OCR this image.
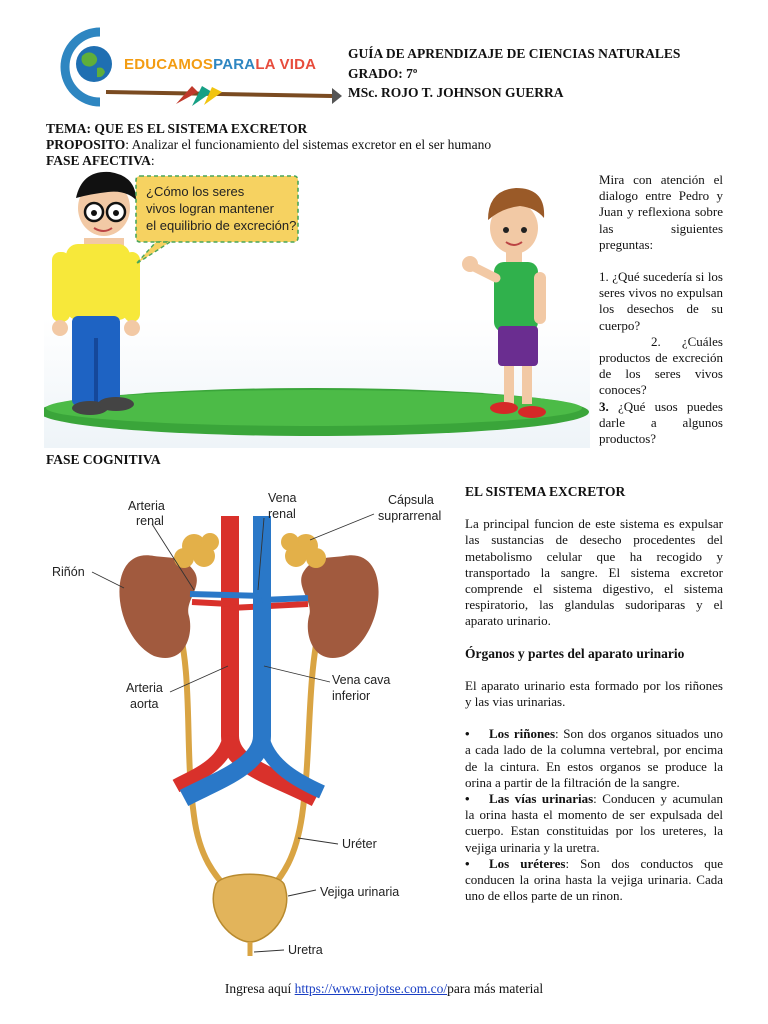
EDUCAMOSPARALA VIDA
GUÍA DE APRENDIZAJE DE CIENCIAS NATURALES
GRADO: 7º
MSc. ROJO T. JOHNSON GUERRA
TEMA: QUE ES EL SISTEMA EXCRETOR
PROPOSITO: Analizar el funcionamiento del sistemas excretor en el ser humano
FASE AFECTIVA:
¿Cómo los seres
vivos logran mantener
el equilibrio de excreción?

Mira con atención el dialogo entre Pedro y Juan y reflexiona sobre las siguientes preguntas:

1. ¿Qué sucedería si los seres vivos no expulsan los desechos de su cuerpo?

2. ¿Cuáles productos de excreción de los seres vivos conoces?

3. ¿Qué usos puedes darle a algunos productos?

FASE COGNITIVA
Arteria
renal
Vena
renal
Cápsula
suprarrenal
Riñón
Arteria
aorta
Vena cava
inferior
Uréter
Vejiga urinaria
Uretra
EL SISTEMA EXCRETOR

La principal funcion de este sistema es expulsar las sustancias de desecho procedentes del metabolismo celular que ha recogido y transportado la sangre. El sistema excretor comprende el sistema digestivo, el sistema respiratorio, las glandulas sudoriparas y el aparato urinario.

Órganos y partes del aparato urinario

El aparato urinario esta formado por los riñones y las vias urinarias.

• Los riñones: Son dos organos situados uno a cada lado de la columna vertebral, por encima de la cintura. En estos organos se produce la orina a partir de la filtración de la sangre.
• Las vías urinarias: Conducen y acumulan la orina hasta el momento de ser expulsada del cuerpo. Estan constituidas por los ureteres, la vejiga urinaria y la uretra.
• Los uréteres: Son dos conductos que conducen la orina hasta la vejiga urinaria. Cada uno de ellos parte de un rinon.
Ingresa aquí https://www.rojotse.com.co/para más material
